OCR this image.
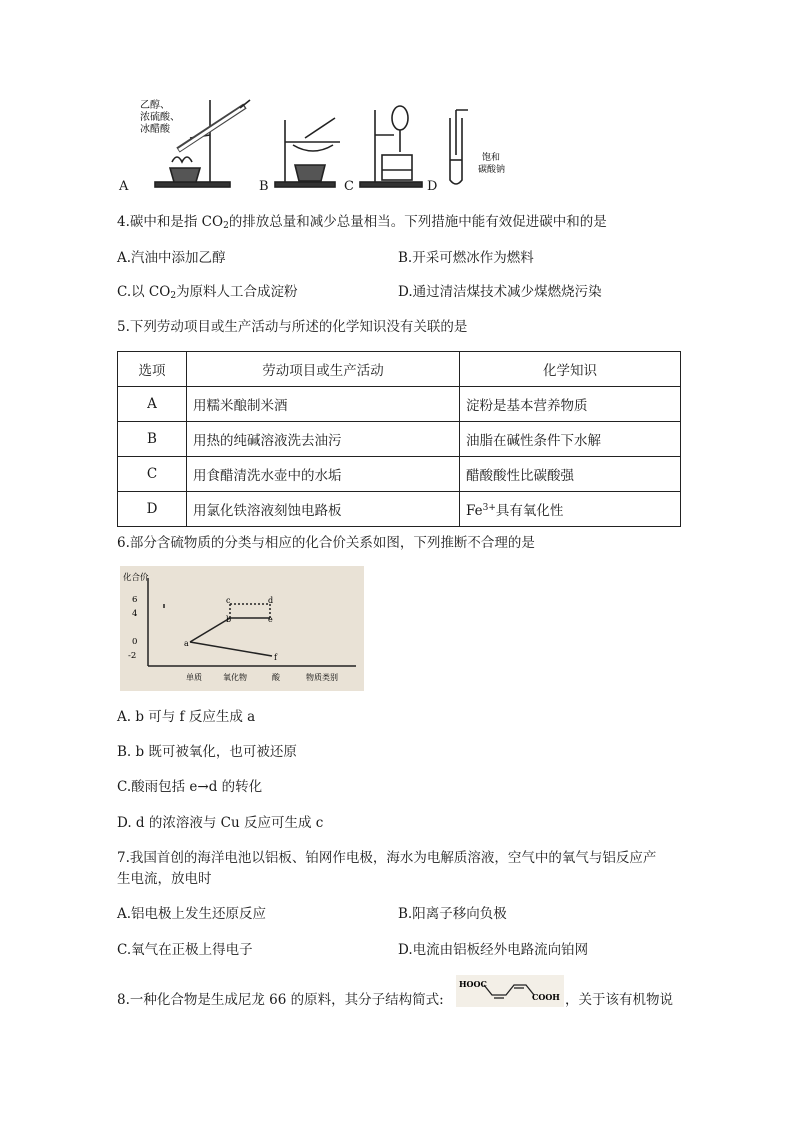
乙醇、
浓硫酸、
冰醋酸
饱和
碳酸钠
A	B	C	D
4.碳中和是指 $CO_2$的排放总量和减少总量相当。下列措施中能有效促进碳中和的是
A.汽油中添加乙醇	B.开采可燃冰作为燃料
C.以 $CO_2$为原料人工合成淀粉	D.通过清洁煤技术减少煤燃烧污染
5.下列劳动项目或生产活动与所述的化学知识没有关联的是
选项	劳动项目或生产活动	化学知识
A	用糯米酿制米酒	淀粉是基本营养物质
B	用热的纯碱溶液洗去油污	油脂在碱性条件下水解
C	用食醋清洗水壶中的水垢	醋酸酸性比碳酸强
D	用氯化铁溶液刻蚀电路板	$Fe^{3+}$具有氧化性
6.部分含硫物质的分类与相应的化合价关系如图，下列推断不合理的是
化合价
6
4
0
-2
单质	氧化物	酸	物质类别
a
b
c	d
e
f
A. b 可与 f 反应生成 a
B. b 既可被氧化，也可被还原
C.酸雨包括 e→d 的转化
D. d 的浓溶液与 Cu 反应可生成 c
7.我国首创的海洋电池以铝板、铂网作电极，海水为电解质溶液，空气中的氧气与铝反应产
生电流，放电时
A.铝电极上发生还原反应	B.阳离子移向负极
C.氧气在正极上得电子	D.电流由铝板经外电路流向铂网
8.一种化合物是生成尼龙 66 的原料，其分子结构简式:
HOOC
COOH ，关于该有机物说
